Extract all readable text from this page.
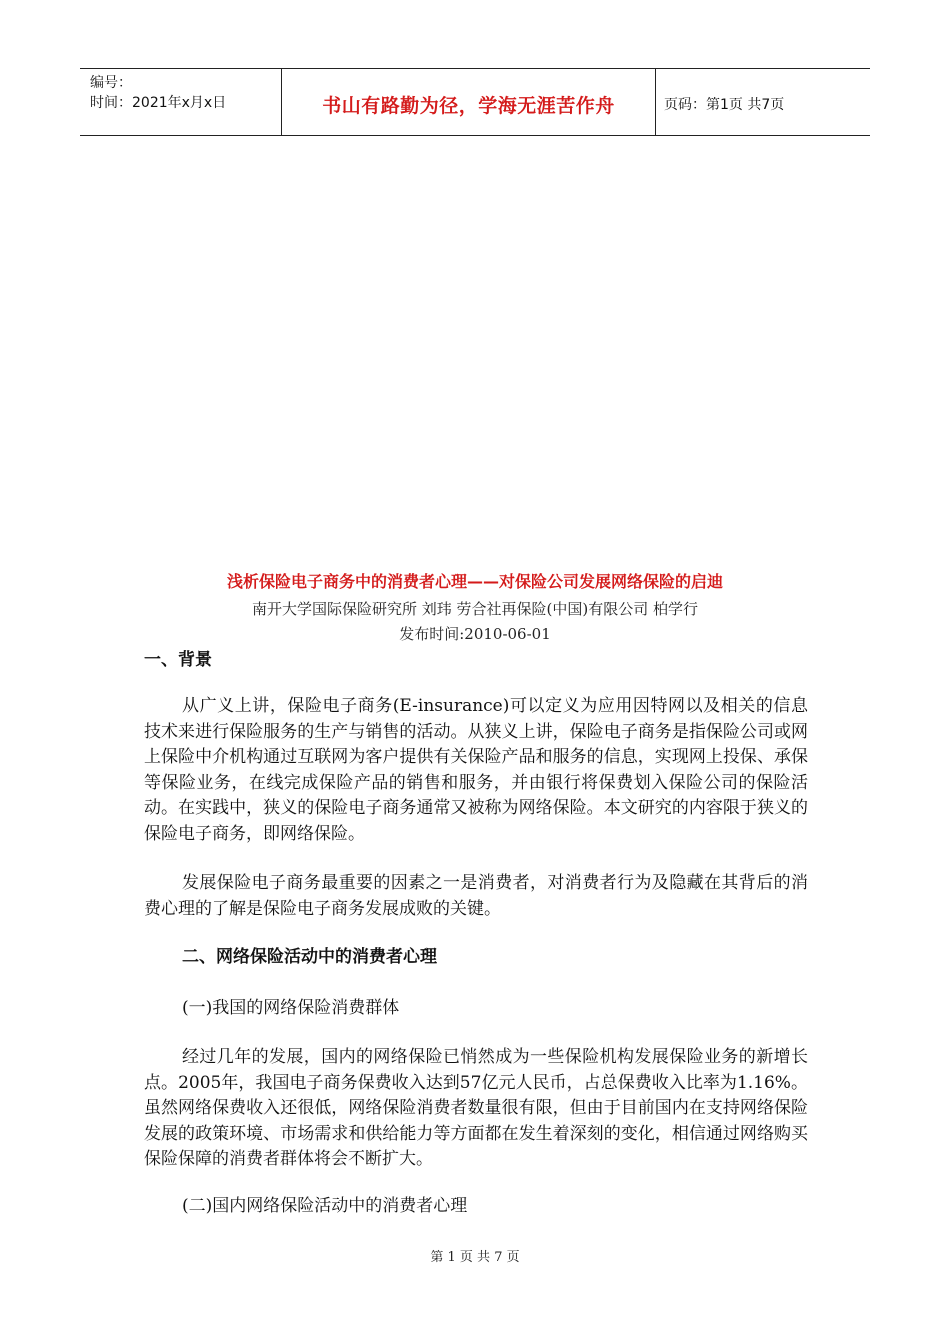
编号：
时间：2021年x月x日	书山有路勤为径，学海无涯苦作舟	页码：第1页 共7页
浅析保险电子商务中的消费者心理——对保险公司发展网络保险的启迪
南开大学国际保险研究所 刘玮 劳合社再保险(中国)有限公司 柏学行
发布时间:2010-06-01
一、背景

从广义上讲，保险电子商务(E-insurance)可以定义为应用因特网以及相关的信息技术来进行保险服务的生产与销售的活动。从狭义上讲，保险电子商务是指保险公司或网上保险中介机构通过互联网为客户提供有关保险产品和服务的信息，实现网上投保、承保等保险业务，在线完成保险产品的销售和服务，并由银行将保费划入保险公司的保险活动。在实践中，狭义的保险电子商务通常又被称为网络保险。本文研究的内容限于狭义的保险电子商务，即网络保险。

发展保险电子商务最重要的因素之一是消费者，对消费者行为及隐藏在其背后的消费心理的了解是保险电子商务发展成败的关键。

二、网络保险活动中的消费者心理
(一)我国的网络保险消费群体

经过几年的发展，国内的网络保险已悄然成为一些保险机构发展保险业务的新增长点。2005年，我国电子商务保费收入达到57亿元人民币，占总保费收入比率为1.16%。虽然网络保费收入还很低，网络保险消费者数量很有限，但由于目前国内在支持网络保险发展的政策环境、市场需求和供给能力等方面都在发生着深刻的变化，相信通过网络购买保险保障的消费者群体将会不断扩大。

(二)国内网络保险活动中的消费者心理
第 1 页 共 7 页
